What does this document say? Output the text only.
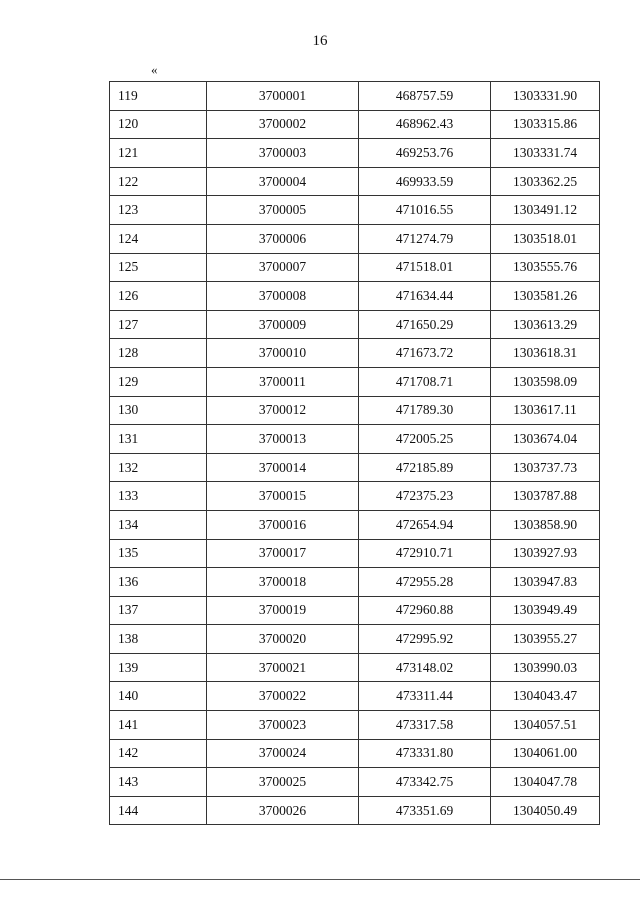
16
«
119	3700001	468757.59	1303331.90
120	3700002	468962.43	1303315.86
121	3700003	469253.76	1303331.74
122	3700004	469933.59	1303362.25
123	3700005	471016.55	1303491.12
124	3700006	471274.79	1303518.01
125	3700007	471518.01	1303555.76
126	3700008	471634.44	1303581.26
127	3700009	471650.29	1303613.29
128	3700010	471673.72	1303618.31
129	3700011	471708.71	1303598.09
130	3700012	471789.30	1303617.11
131	3700013	472005.25	1303674.04
132	3700014	472185.89	1303737.73
133	3700015	472375.23	1303787.88
134	3700016	472654.94	1303858.90
135	3700017	472910.71	1303927.93
136	3700018	472955.28	1303947.83
137	3700019	472960.88	1303949.49
138	3700020	472995.92	1303955.27
139	3700021	473148.02	1303990.03
140	3700022	473311.44	1304043.47
141	3700023	473317.58	1304057.51
142	3700024	473331.80	1304061.00
143	3700025	473342.75	1304047.78
144	3700026	473351.69	1304050.49
